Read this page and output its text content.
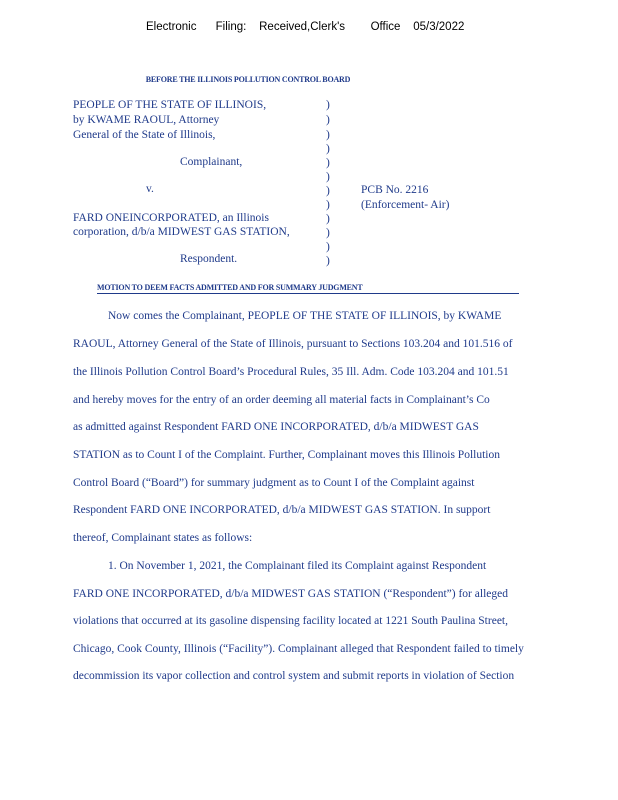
Electronic      Filing:    Received,Clerk's        Office    05/3/2022
BEFORE THE ILLINOIS POLLUTION CONTROL BOARD
PEOPLE OF THE STATE OF ILLINOIS,
by KWAME RAOUL, Attorney
General of the State of Illinois,
Complainant,
v.
FARD ONEINCORPORATED, an Illinois
corporation, d/b/a MIDWEST GAS STATION,
Respondent.
PCB No. 2216
(Enforcement- Air)
)
)
)
)
)
)
)
)
)
)
)
)
MOTION TO DEEM FACTS ADMITTED AND FOR SUMMARY JUDGMENT
Now comes the Complainant, PEOPLE OF THE STATE OF ILLINOIS, by KWAME
RAOUL, Attorney General of the State of Illinois, pursuant to Sections 103.204 and 101.516 of
the Illinois Pollution Control Board’s Procedural Rules, 35 Ill. Adm. Code 103.204 and 101.51
and hereby moves for the entry of an order deeming all material facts in Complainant’s Co
as admitted against Respondent FARD ONE INCORPORATED, d/b/a MIDWEST GAS
STATION as to Count I of the Complaint. Further, Complainant moves this Illinois Pollution
Control Board (“Board”) for summary judgment as to Count I of the Complaint against
Respondent FARD ONE INCORPORATED, d/b/a MIDWEST GAS STATION. In support
thereof, Complainant states as follows:
1. On November 1, 2021, the Complainant filed its Complaint against Respondent
FARD ONE INCORPORATED, d/b/a MIDWEST GAS STATION (“Respondent”) for alleged
violations that occurred at its gasoline dispensing facility located at 1221 South Paulina Street,
Chicago, Cook County, Illinois (“Facility”). Complainant alleged that Respondent failed to timely
decommission its vapor collection and control system and submit reports in violation of Section
